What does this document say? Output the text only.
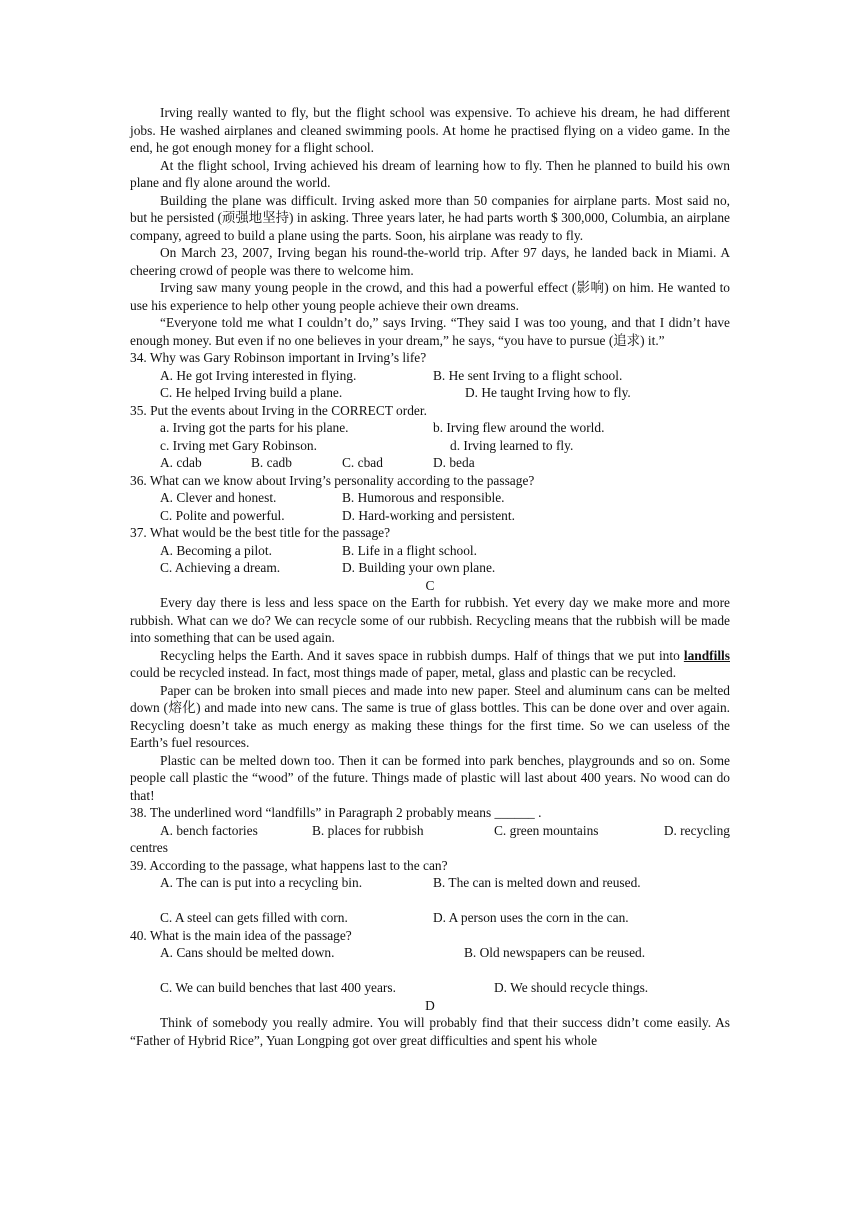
Irving really wanted to fly, but the flight school was expensive. To achieve his dream, he had different jobs. He washed airplanes and cleaned swimming pools. At home he practised flying on a video game. In the end, he got enough money for a flight school.

At the flight school, Irving achieved his dream of learning how to fly. Then he planned to build his own plane and fly alone around the world.

Building the plane was difficult. Irving asked more than 50 companies for airplane parts. Most said no, but he persisted (顽强地坚持) in asking. Three years later, he had parts worth $ 300,000, Columbia, an airplane company, agreed to build a plane using the parts. Soon, his airplane was ready to fly.

On March 23, 2007, Irving began his round-the-world trip. After 97 days, he landed back in Miami. A cheering crowd of people was there to welcome him.

Irving saw many young people in the crowd, and this had a powerful effect (影响) on him. He wanted to use his experience to help other young people achieve their own dreams.

“Everyone told me what I couldn’t do,” says Irving. “They said I was too young, and that I didn’t have enough money. But even if no one believes in your dream,” he says, “you have to pursue (追求) it.”

34. Why was Gary Robinson important in Irving’s life?

A. He got Irving interested in flying.	B. He sent Irving to a flight school.
C. He helped Irving build a plane.	D. He taught Irving how to fly.

35. Put the events about Irving in the CORRECT order.

a. Irving got the parts for his plane.	b. Irving flew around the world.
c. Irving met Gary Robinson.	d. Irving learned to fly.
A. cdab	B. cadb	C. cbad	D. beda

36. What can we know about Irving’s personality according to the passage?

A. Clever and honest.	B. Humorous and responsible.
C. Polite and powerful.	D. Hard-working and persistent.

37. What would be the best title for the passage?

A. Becoming a pilot.	B. Life in a flight school.
C. Achieving a dream.	D. Building your own plane.

C

Every day there is less and less space on the Earth for rubbish. Yet every day we make more and more rubbish. What can we do? We can recycle some of our rubbish. Recycling means that the rubbish will be made into something that can be used again.

Recycling helps the Earth. And it saves space in rubbish dumps. Half of things that we put into landfills could be recycled instead. In fact, most things made of paper, metal, glass and plastic can be recycled.

Paper can be broken into small pieces and made into new paper. Steel and aluminum cans can be melted down (熔化) and made into new cans. The same is true of glass bottles. This can be done over and over again. Recycling doesn’t take as much energy as making these things for the first time. So we can useless of the Earth’s fuel resources.

Plastic can be melted down too. Then it can be formed into park benches, playgrounds and so on. Some people call plastic the “wood” of the future. Things made of plastic will last about 400 years. No wood can do that!

38. The underlined word “landfills” in Paragraph 2 probably means ______ .

A. bench factories	B. places for rubbish	C. green mountains	D. recycling

centres

39. According to the passage, what happens last to the can?

A. The can is put into a recycling bin.	B. The can is melted down and reused.
C. A steel can gets filled with corn.	D. A person uses the corn in the can.

40. What is the main idea of the passage?

A. Cans should be melted down.	B. Old newspapers can be reused.
C. We can build benches that last 400 years.	D. We should recycle things.

D

Think of somebody you really admire. You will probably find that their success didn’t come easily. As “Father of Hybrid Rice”, Yuan Longping got over great difficulties and spent his whole
